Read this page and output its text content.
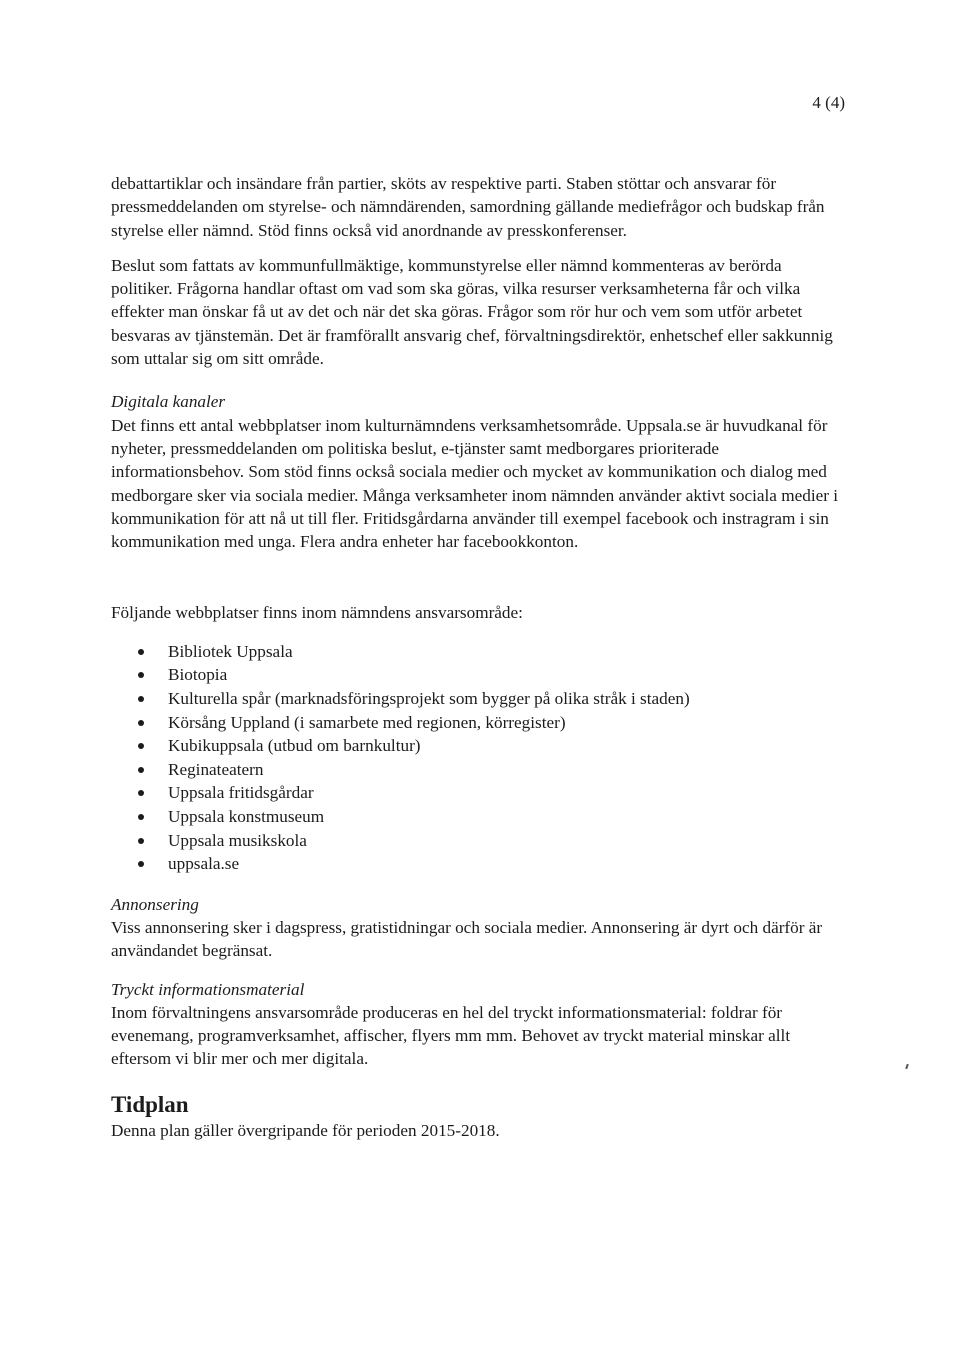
4 (4)

debattartiklar och insändare från partier, sköts av respektive parti. Staben stöttar och ansvarar för pressmeddelanden om styrelse- och nämndärenden, samordning gällande mediefrågor och budskap från styrelse eller nämnd. Stöd finns också vid anordnande av presskonferenser.

Beslut som fattats av kommunfullmäktige, kommunstyrelse eller nämnd kommenteras av berörda politiker. Frågorna handlar oftast om vad som ska göras, vilka resurser verksamheterna får och vilka effekter man önskar få ut av det och när det ska göras. Frågor som rör hur och vem som utför arbetet besvaras av tjänstemän. Det är framförallt ansvarig chef, förvaltningsdirektör, enhetschef eller sakkunnig som uttalar sig om sitt område.

Digitala kanaler

Det finns ett antal webbplatser inom kulturnämndens verksamhetsområde. Uppsala.se är huvudkanal för nyheter, pressmeddelanden om politiska beslut, e-tjänster samt medborgares prioriterade informationsbehov. Som stöd finns också sociala medier och mycket av kommunikation och dialog med medborgare sker via sociala medier. Många verksamheter inom nämnden använder aktivt sociala medier i kommunikation för att nå ut till fler. Fritidsgårdarna använder till exempel facebook och instragram i sin kommunikation med unga. Flera andra enheter har facebookkonton.

Följande webbplatser finns inom nämndens ansvarsområde:

Bibliotek Uppsala
Biotopia
Kulturella spår (marknadsföringsprojekt som bygger på olika stråk i staden)
Körsång Uppland (i samarbete med regionen, körregister)
Kubikuppsala (utbud om barnkultur)
Reginateatern
Uppsala fritidsgårdar
Uppsala konstmuseum
Uppsala musikskola
uppsala.se

Annonsering

Viss annonsering sker i dagspress, gratistidningar och sociala medier. Annonsering är dyrt och därför är användandet begränsat.

Tryckt informationsmaterial

Inom förvaltningens ansvarsområde produceras en hel del tryckt informationsmaterial: foldrar för evenemang, programverksamhet, affischer, flyers mm mm. Behovet av tryckt material minskar allt eftersom vi blir mer och mer digitala.

Tidplan

Denna plan gäller övergripande för perioden 2015-2018.
